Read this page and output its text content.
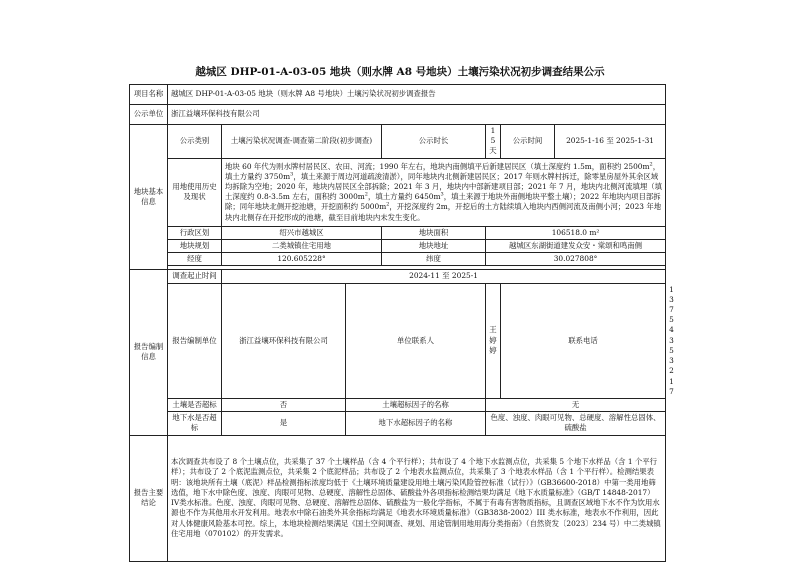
越城区 DHP-01-A-03-05 地块（则水牌 A8 号地块）土壤污染状况初步调查结果公示
项目名称	越城区 DHP-01-A-03-05 地块（则水牌 A8 号地块）土壤污染状况初步调查报告							
公示单位	浙江益壤环保科技有限公司							
地块基本信息	公示类别	土壤污染状况调查-调查第二阶段(初步调查)		公示时长	15 天	公示时间	2025-1-16 至 2025-1-31	
	用地使用历史及现状	地块 60 年代为则水牌村居民区、农田、河流；1990 年左右，地块内南侧填平后新建居民区（填土深度约 1.5m，面积约 $2500m^2$，填土方量约 $3750m^3$，填土来源于周边河道疏浚清淤），同年地块内北侧新建居民区；2017 年则水牌村拆迁，除零星房屋外其余区域均拆除为空地；2020 年，地块内居民区全部拆除；2021 年 3 月，地块内中部新建项目部；2021 年 7 月，地块内北侧河流填埋（填土深度约 0.8-3.5m 左右，面积约 $3000m^2$，填土方量约 $6450m^3$，填土来源于地块外南侧地块平整土壤）；2022 年地块内项目部拆除；同年地块北侧开挖池塘，开挖面积约 $5000m^2$，开挖深度约 2m，开挖后的土方陆续填入地块内西侧河流及南侧小河；2023 年地块内北侧存在开挖形成的池塘，截至目前地块内未发生变化。						
	行政区划	绍兴市越城区		地块面积	106518.0 m²			
	地块规划	二类城镇住宅用地		地块地址	越城区东湖街道建发众安・棠颂和鸣南侧			
	经度	120.605228°		纬度	30.027808°			

报告编制信息	调查起止时间	2024-11 至 2025-1						
	报告编制单位	浙江益壤环保科技有限公司	单位联系人		王婷婷	联系电话		13754353217
	土壤是否超标	否	土壤超标因子的名称		无			
	地下水是否超标	是	地下水超标因子的名称		色度、浊度、肉眼可见物、总硬度、溶解性总固体、硫酸盐			
报告主要结论	本次调查共布设了 8 个土壤点位，共采集了 37 个土壤样品（含 4 个平行样）；共布设了 4 个地下水监测点位，共采集 5 个地下水样品（含 1 个平行样）；共布设了 2 个底泥监测点位，共采集 2 个底泥样品；共布设了 2 个地表水监测点位，共采集了 3 个地表水样品（含 1 个平行样）。检测结果表明：该地块所有土壤（底泥）样品检测指标浓度均低于《土壤环境质量建设用地土壤污染风险管控标准（试行）》（GB36600-2018）中第一类用地筛选值，地下水中除色度、浊度、肉眼可见物、总硬度、溶解性总固体、硫酸盐外各项指标检测结果均满足《地下水质量标准》（GB/T 14848-2017）IV类水标准。色度、浊度、肉眼可见物、总硬度、溶解性总固体、硫酸盐为一般化学指标，不属于有毒有害物质指标，且调查区域地下水不作为饮用水源也不作为其他用水开发利用。地表水中除石油类外其余指标均满足《地表水环境质量标准》（GB3838-2002）III 类水标准，地表水不作利用，因此对人体健康风险基本可控。综上，本地块检测结果满足《国土空间调查、规划、用途管制用地用海分类指南》（自然资发〔2023〕234 号）中二类城镇住宅用地（070102）的开发需求。							
